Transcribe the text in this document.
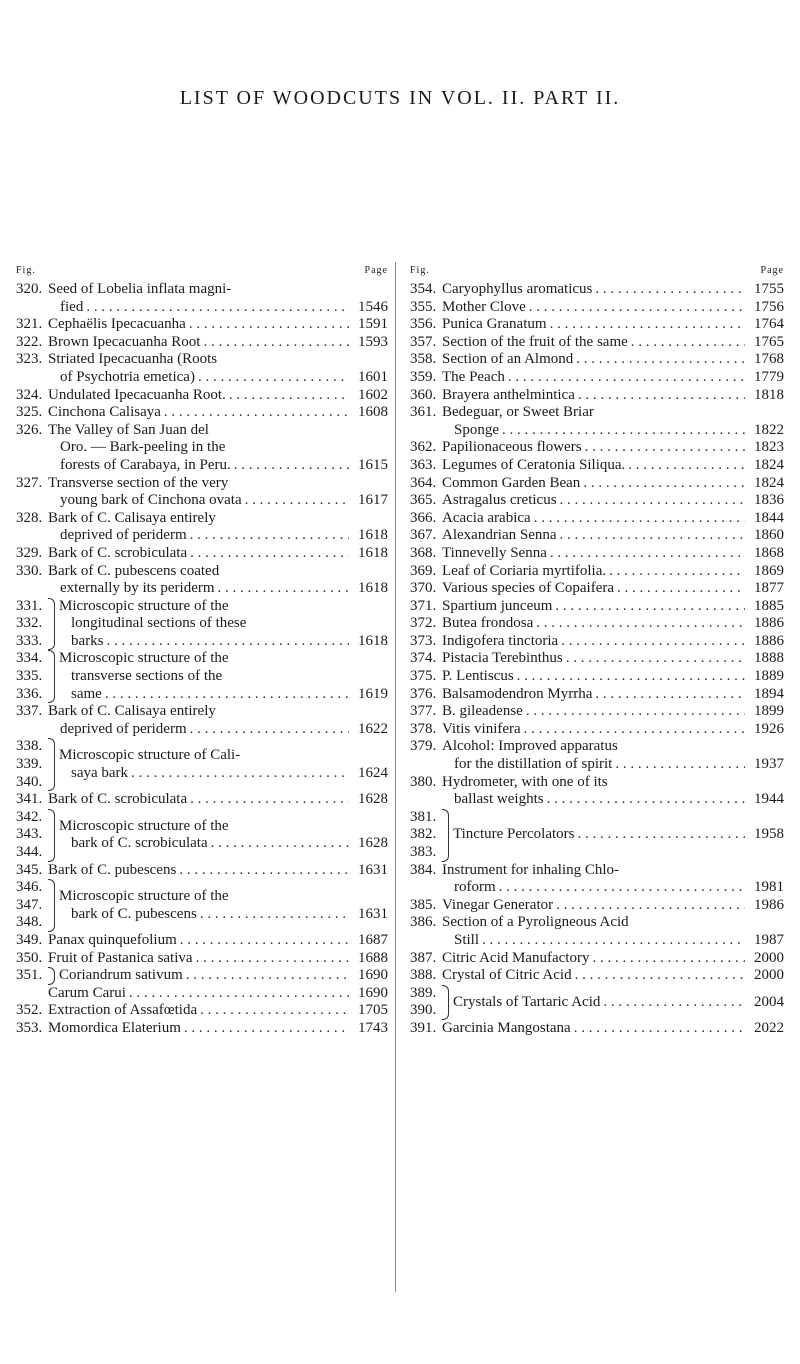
LIST OF WOODCUTS IN VOL. II. PART II.
Fig.	Page
320. Seed of Lobelia inflata magni-
fied . . .	1546
321. Cephaëlis Ipecacuanha . . .	1591
322. Brown Ipecacuanha Root . . .	1593
323. Striated Ipecacuanha (Roots
of Psychotria emetica) . . .	1601
324. Undulated Ipecacuanha Root. . . .	1602
325. Cinchona Calisaya . . .	1608
326. The Valley of San Juan del
Oro. — Bark-peeling in the
forests of Carabaya, in Peru. . . .	1615
327. Transverse section of the very
young bark of Cinchona ovata . . .	1617
328. Bark of C. Calisaya entirely
deprived of periderm . . .	1618
329. Bark of C. scrobiculata . . .	1618
330. Bark of C. pubescens coated
externally by its periderm . . .	1618
331.
332.
333.
Microscopic structure of the
longitudinal sections of these
barks . . .	1618
334.
335.
336.
Microscopic structure of the
transverse sections of the
same . . .	1619
337. Bark of C. Calisaya entirely
deprived of periderm . . .	1622
338.
339.
340.
Microscopic structure of Cali-
saya bark . . .	1624
341. Bark of C. scrobiculata . . .	1628
342.
343.
344.
Microscopic structure of the
bark of C. scrobiculata . . .	1628
345. Bark of C. pubescens . . .	1631
346.
347.
348.
Microscopic structure of the
bark of C. pubescens . . .	1631
349. Panax quinquefolium . . .	1687
350. Fruit of Pastanica sativa . . .	1688
351.	Coriandrum sativum . . .	1690

Carum Carui . . .	1690
352. Extraction of Assafœtida . . .	1705
353. Momordica Elaterium . . .	1743
Fig.	Page
354. Caryophyllus aromaticus . . .	1755
355. Mother Clove . . .	1756
356. Punica Granatum . . .	1764
357. Section of the fruit of the same . . .	1765
358. Section of an Almond . . .	1768
359. The Peach . . .	1779
360. Brayera anthelmintica . . .	1818
361. Bedeguar, or Sweet Briar
Sponge . . .	1822
362. Papilionaceous flowers . . .	1823
363. Legumes of Ceratonia Siliqua. . . .	1824
364. Common Garden Bean . . .	1824
365. Astragalus creticus . . .	1836
366. Acacia arabica . . .	1844
367. Alexandrian Senna . . .	1860
368. Tinnevelly Senna . . .	1868
369. Leaf of Coriaria myrtifolia. . . .	1869
370. Various species of Copaifera . . .	1877
371. Spartium junceum . . .	1885
372. Butea frondosa . . .	1886
373. Indigofera tinctoria . . .	1886
374. Pistacia Terebinthus . . .	1888
375. P. Lentiscus . . .	1889
376. Balsamodendron Myrrha . . .	1894
377. B. gileadense . . .	1899
378. Vitis vinifera . . .	1926
379. Alcohol: Improved apparatus
for the distillation of spirit . . .	1937
380. Hydrometer, with one of its
ballast weights . . .	1944
381.
382.
383.
Tincture Percolators . . .	1958
384. Instrument for inhaling Chlo-
roform . . .	1981
385. Vinegar Generator . . .	1986
386. Section of a Pyroligneous Acid
Still . . .	1987
387. Citric Acid Manufactory . . .	2000
388. Crystal of Citric Acid . . .	2000
389.
390.
Crystals of Tartaric Acid . . .	2004
391. Garcinia Mangostana . . .	2022
